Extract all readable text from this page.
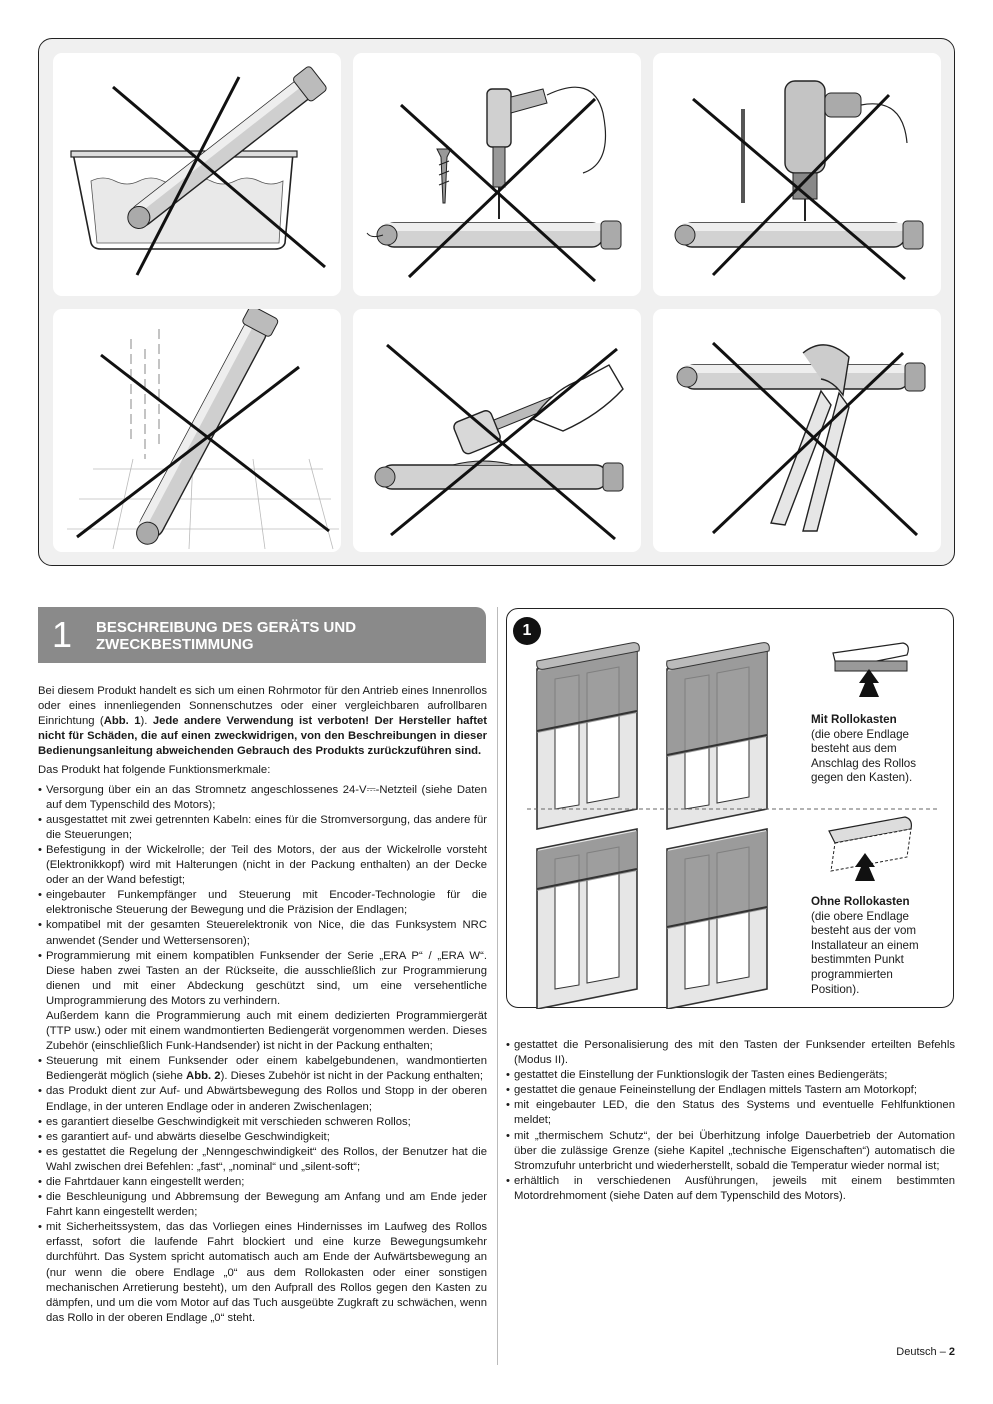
1 BESCHREIBUNG DES GERÄTS UND ZWECKBESTIMMUNG

Bei diesem Produkt handelt es sich um einen Rohrmotor für den Antrieb eines Innenrollos oder eines innenliegenden Sonnenschutzes oder einer vergleichbaren aufrollbaren Einrichtung (Abb. 1). Jede andere Verwendung ist verboten! Der Hersteller haftet nicht für Schäden, die auf einen zweckwidrigen, von den Beschreibungen in dieser Bedienungsanleitung abweichenden Gebrauch des Produkts zurückzuführen sind.

Das Produkt hat folgende Funktionsmerkmale:

• Versorgung über ein an das Stromnetz angeschlossenes 24-V⎓-Netzteil (siehe Daten auf dem Typenschild des Motors);
• ausgestattet mit zwei getrennten Kabeln: eines für die Stromversorgung, das andere für die Steuerungen;
• Befestigung in der Wickelrolle; der Teil des Motors, der aus der Wickelrolle vorsteht (Elektronikkopf) wird mit Halterungen (nicht in der Packung enthalten) an der Decke oder an der Wand befestigt;
• eingebauter Funkempfänger und Steuerung mit Encoder-Technologie für die elektronische Steuerung der Bewegung und die Präzision der Endlagen;
• kompatibel mit der gesamten Steuerelektronik von Nice, die das Funksystem NRC anwendet (Sender und Wettersensoren);
• Programmierung mit einem kompatiblen Funksender der Serie „ERA P“ / „ERA W“. Diese haben zwei Tasten an der Rückseite, die ausschließlich zur Programmierung dienen und mit einer Abdeckung geschützt sind, um eine versehentliche Umprogrammierung des Motors zu verhindern.
Außerdem kann die Programmierung auch mit einem dedizierten Programmiergerät (TTP usw.) oder mit einem wandmontierten Bediengerät vorgenommen werden. Dieses Zubehör (einschließlich Funk-Handsender) ist nicht in der Packung enthalten;
• Steuerung mit einem Funksender oder einem kabelgebundenen, wandmontierten Bediengerät möglich (siehe Abb. 2). Dieses Zubehör ist nicht in der Packung enthalten;
• das Produkt dient zur Auf- und Abwärtsbewegung des Rollos und Stopp in der oberen Endlage, in der unteren Endlage oder in anderen Zwischenlagen;
• es garantiert dieselbe Geschwindigkeit mit verschieden schweren Rollos;
• es garantiert auf- und abwärts dieselbe Geschwindigkeit;
• es gestattet die Regelung der „Nenngeschwindigkeit“ des Rollos, der Benutzer hat die Wahl zwischen drei Befehlen: „fast“, „nominal“ und „silent-soft“;
• die Fahrtdauer kann eingestellt werden;
• die Beschleunigung und Abbremsung der Bewegung am Anfang und am Ende jeder Fahrt kann eingestellt werden;
• mit Sicherheitssystem, das das Vorliegen eines Hindernisses im Laufweg des Rollos erfasst, sofort die laufende Fahrt blockiert und eine kurze Bewegungsumkehr durchführt. Das System spricht automatisch auch am Ende der Aufwärtsbewegung an (nur wenn die obere Endlage „0“ aus dem Rollokasten oder einer sonstigen mechanischen Arretierung besteht), um den Aufprall des Rollos gegen den Kasten zu dämpfen, und um die vom Motor auf das Tuch ausgeübte Zugkraft zu schwächen, wenn das Rollo in der oberen Endlage „0“ steht.
1
Mit Rollokasten
(die obere Endlage besteht aus dem Anschlag des Rollos gegen den Kasten).
Ohne Rollokasten
(die obere Endlage besteht aus der vom Installateur an einem bestimmten Punkt programmierten Position).
• gestattet die Personalisierung des mit den Tasten der Funksender erteilten Befehls (Modus II).
• gestattet die Einstellung der Funktionslogik der Tasten eines Bediengeräts;
• gestattet die genaue Feineinstellung der Endlagen mittels Tastern am Motorkopf;
• mit eingebauter LED, die den Status des Systems und eventuelle Fehlfunktionen meldet;
• mit „thermischem Schutz“, der bei Überhitzung infolge Dauerbetrieb der Automation über die zulässige Grenze (siehe Kapitel „technische Eigenschaften“) automatisch die Stromzufuhr unterbricht und wiederherstellt, sobald die Temperatur wieder normal ist;
• erhältlich in verschiedenen Ausführungen, jeweils mit einem bestimmten Motordrehmoment (siehe Daten auf dem Typenschild des Motors).
Deutsch – 2
